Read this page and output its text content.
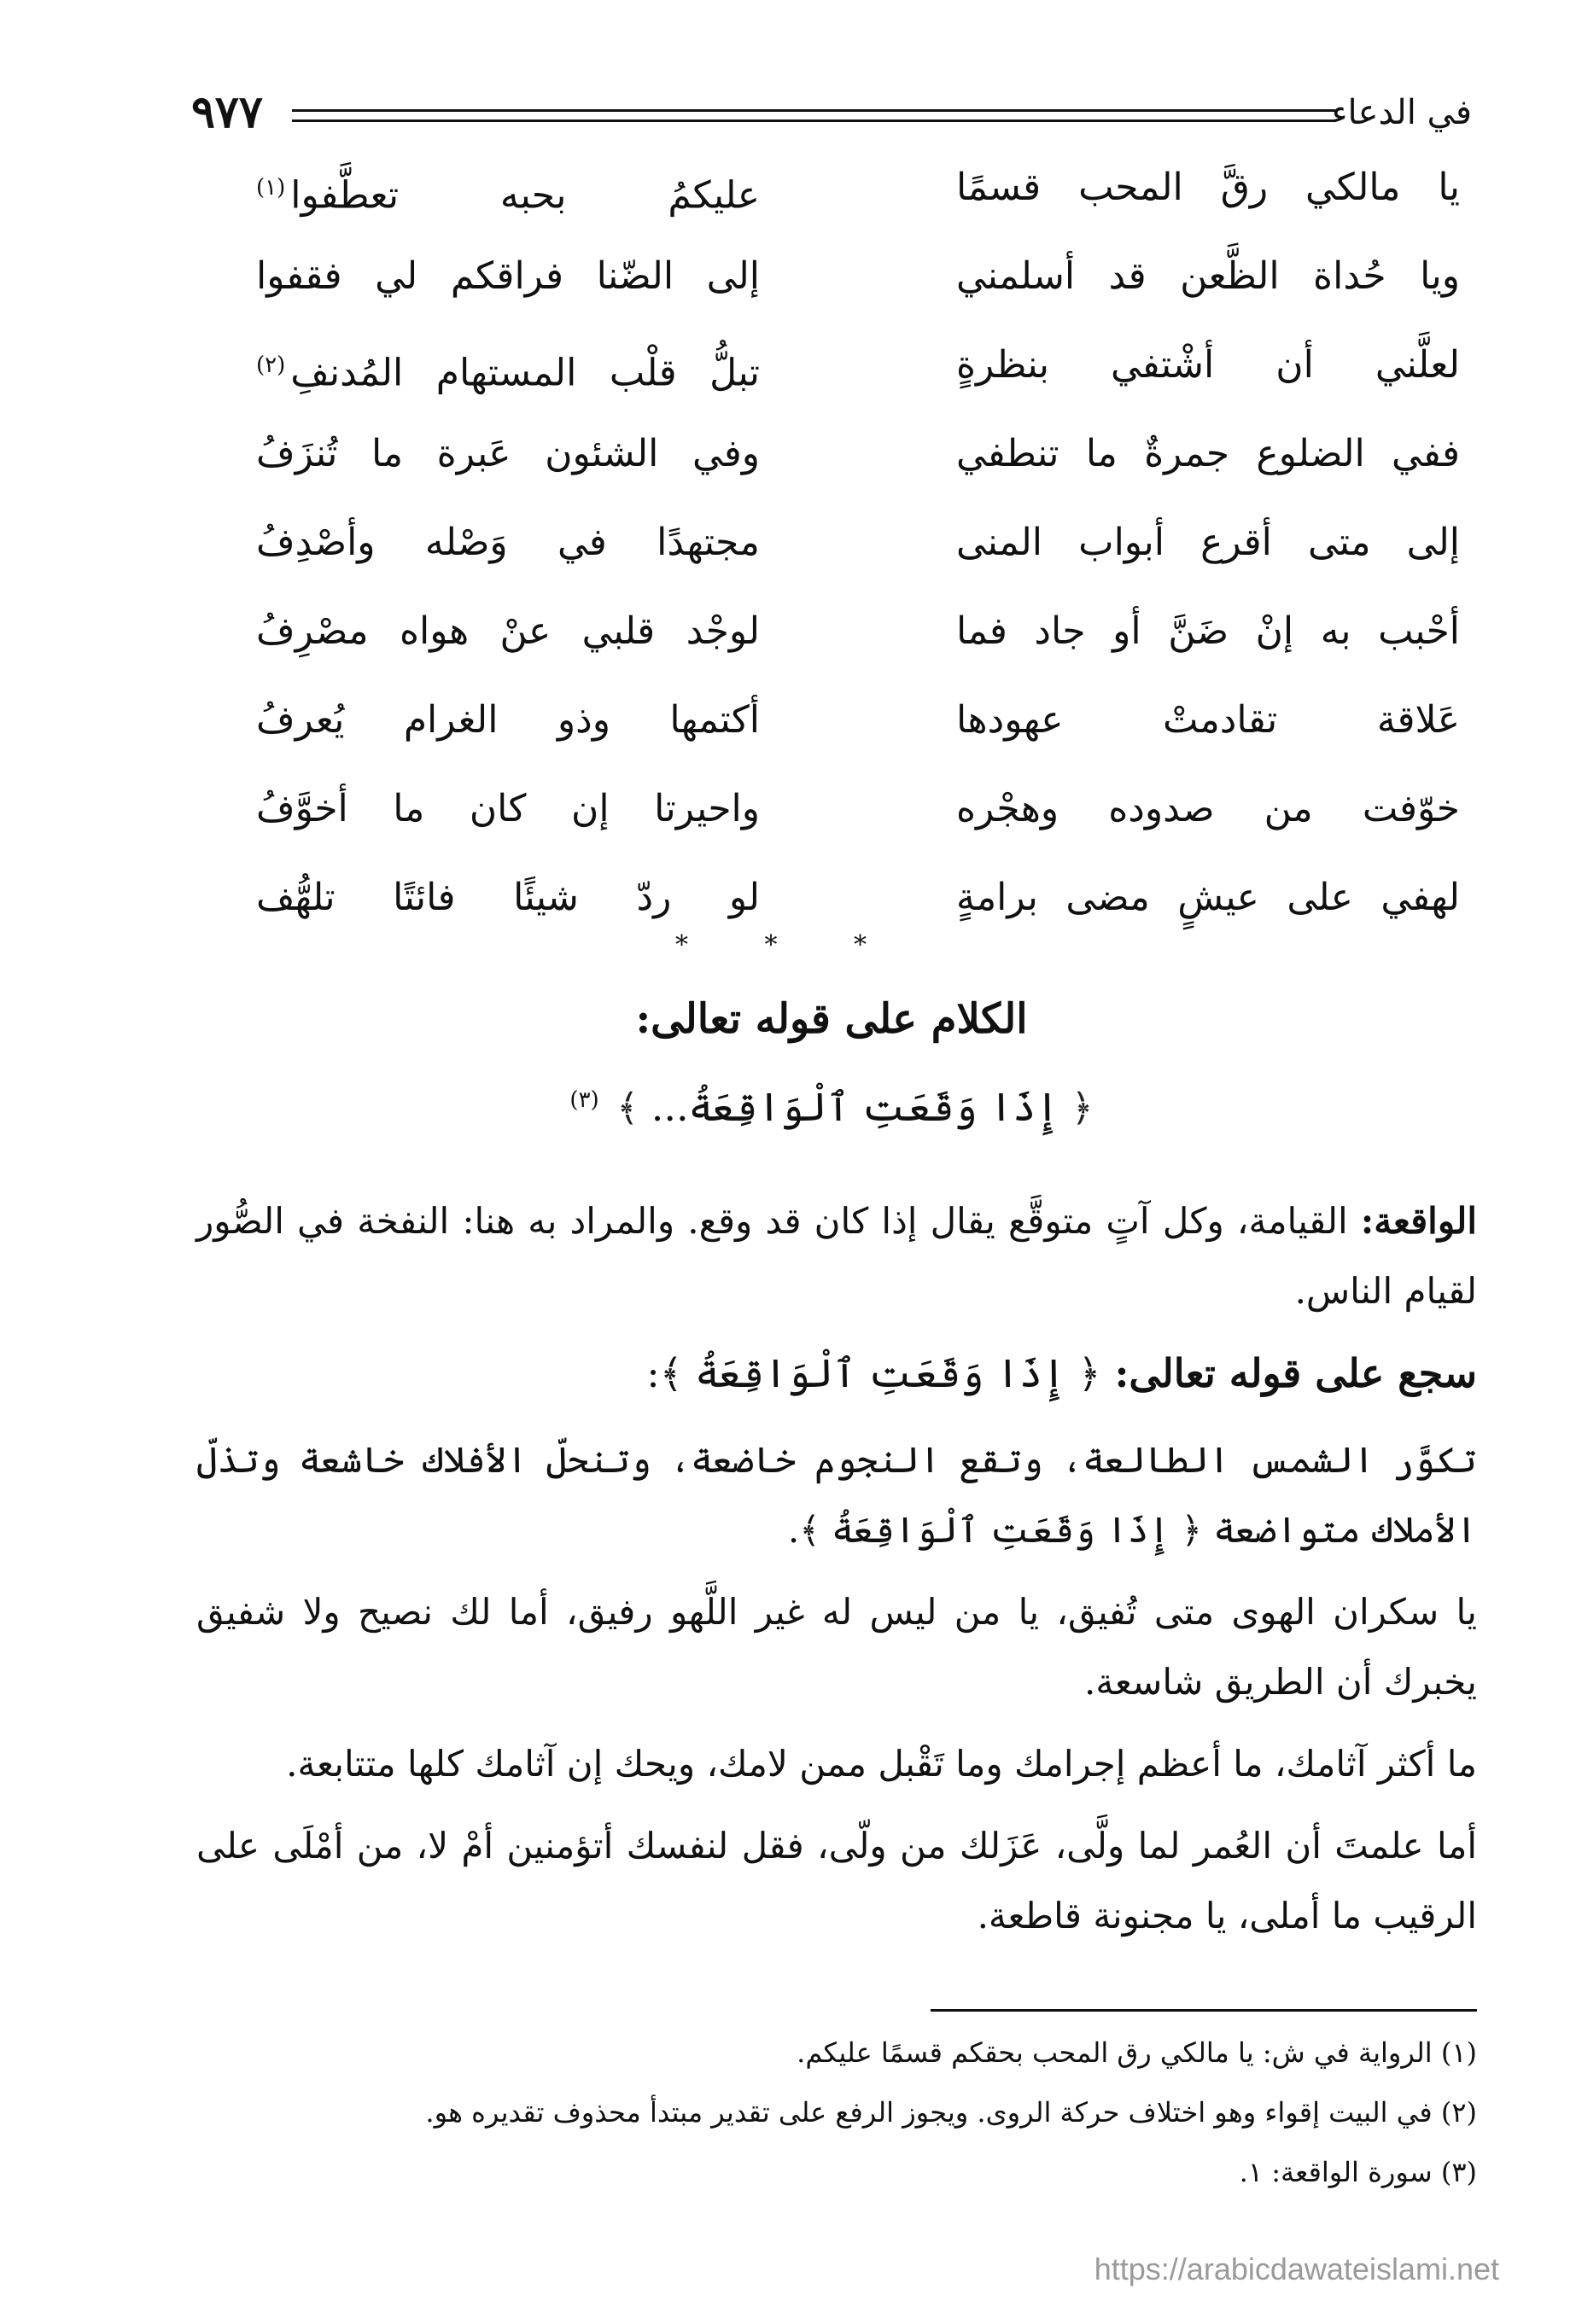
٩٧٧	في الدعاء
يا مالكي رقَّ المحب قسمًا
عليكمُ بحبه تعطَّفوا$^{(١)}$
ويا حُداة الظَّعن قد أسلمني
إلى الضّنا فراقكم لي فقفوا
لعلَّني أن أشْتفي بنظرةٍ
تبلُّ قلْب المستهام المُدنفِ$^{(٢)}$
ففي الضلوع جمرةٌ ما تنطفي
وفي الشئون عَبرة ما تُنزَفُ
إلى متى أقرع أبواب المنى
مجتهدًا في وَصْله وأصْدِفُ
أحْبب به إنْ ضَنَّ أو جاد فما
لوجْد قلبي عنْ هواه مصْرِفُ
عَلاقة تقادمتْ عهودها
أكتمها وذو الغرام يُعرفُ
خوّفت من صدوده وهجْره
واحيرتا إن كان ما أخوَّفُ
لهفي على عيشٍ مضى برامةٍ
لو ردّ شيئًا فائتًا تلهُّف
* * *
الكلام على قوله تعالى:
﴿ إِذَا وَقَعَتِ ٱلْوَاقِعَةُ... ﴾ $^{(٣)}$

الواقعة: القيامة، وكل آتٍ متوقَّع يقال إذا كان قد وقع. والمراد به هنا: النفخة في الصُّور لقيام الناس.

سجع على قوله تعالى: ﴿ إِذَا وَقَعَتِ ٱلْوَاقِعَةُ ﴾:

تكوَّر الشمس الطالعة، وتقع النجوم خاضعة، وتنحلّ الأفلاك خاشعة وتذلّ الأملاك متواضعة ﴿ إِذَا وَقَعَتِ ٱلْوَاقِعَةُ ﴾.

يا سكران الهوى متى تُفيق، يا من ليس له غير اللَّهو رفيق، أما لك نصيح ولا شفيق يخبرك أن الطريق شاسعة.

ما أكثر آثامك، ما أعظم إجرامك وما تَقْبل ممن لامك، ويحك إن آثامك كلها متتابعة.

أما علمتَ أن العُمر لما ولَّى، عَزَلك من ولّى، فقل لنفسك أتؤمنين أمْ لا، من أمْلَى على الرقيب ما أملى، يا مجنونة قاطعة.

(١) الرواية في ش: يا مالكي رق المحب بحقكم قسمًا عليكم.

(٢) في البيت إقواء وهو اختلاف حركة الروى. ويجوز الرفع على تقدير مبتدأ محذوف تقديره هو.

(٣) سورة الواقعة: ١.

https://arabicdawateislami.net
